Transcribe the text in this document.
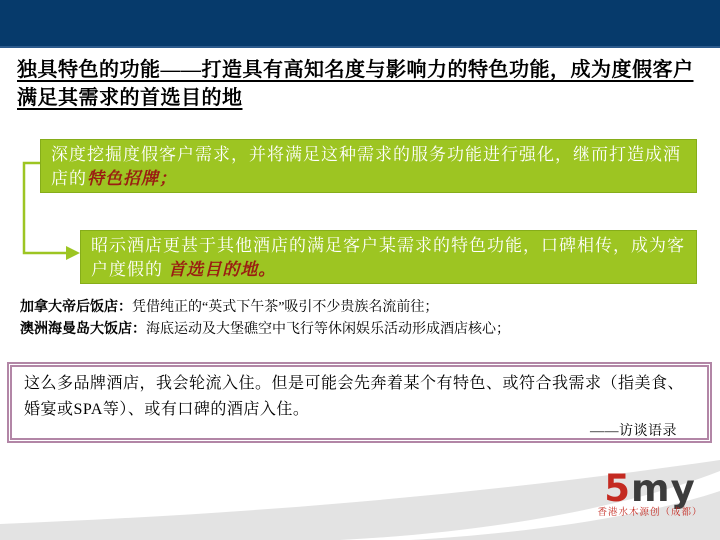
独具特色的功能——打造具有高知名度与影响力的特色功能，成为度假客户满足其需求的首选目的地
深度挖掘度假客户需求，并将满足这种需求的服务功能进行强化，继而打造成酒店的特色招牌；
昭示酒店更甚于其他酒店的满足客户某需求的特色功能，口碑相传，成为客户度假的 首选目的地。
加拿大帝后饭店：凭借纯正的“英式下午茶”吸引不少贵族名流前往；
澳洲海曼岛大饭店：海底运动及大堡礁空中飞行等休闲娱乐活动形成酒店核心；
这么多品牌酒店，我会轮流入住。但是可能会先奔着某个有特色、或符合我需求（指美食、婚宴或SPA等）、或有口碑的酒店入住。
——访谈语录
5my
香港水木源创（成都）
